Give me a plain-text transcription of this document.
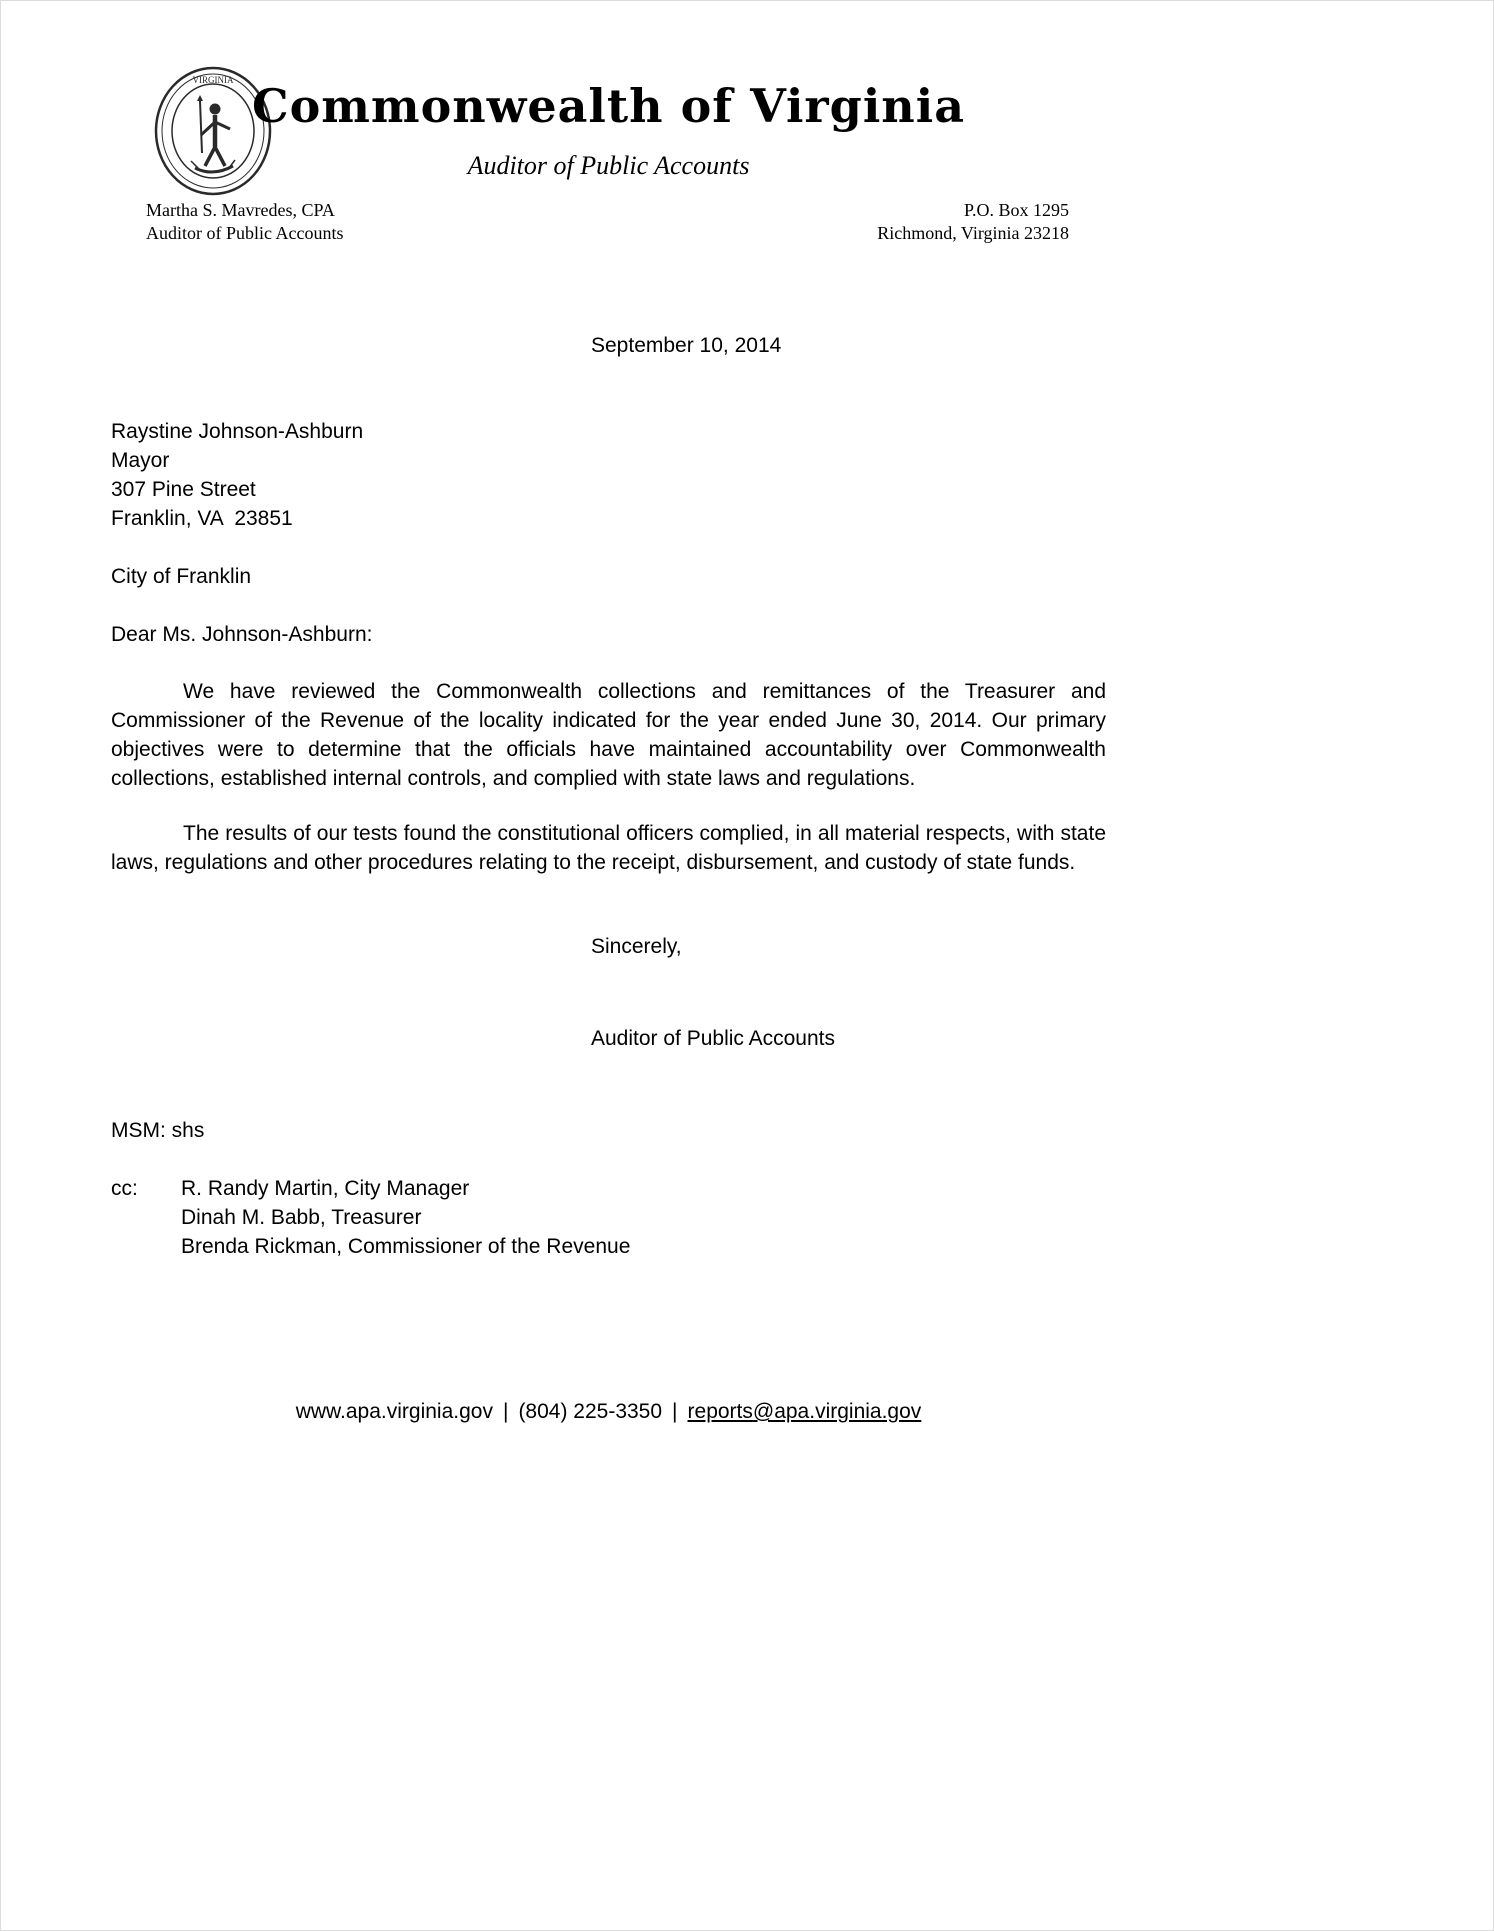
VIRGINIA Commonwealth of Virginia
Auditor of Public Accounts
Martha S. Mavredes, CPA
Auditor of Public Accounts
P.O. Box 1295
Richmond, Virginia 23218
September 10, 2014
Raystine Johnson-Ashburn
Mayor
307 Pine Street
Franklin, VA  23851
City of Franklin
Dear Ms. Johnson-Ashburn:

We have reviewed the Commonwealth collections and remittances of the Treasurer and Commissioner of the Revenue of the locality indicated for the year ended June 30, 2014. Our primary objectives were to determine that the officials have maintained accountability over Commonwealth collections, established internal controls, and complied with state laws and regulations.

The results of our tests found the constitutional officers complied, in all material respects, with state laws, regulations and other procedures relating to the receipt, disbursement, and custody of state funds.

Sincerely,
Auditor of Public Accounts
MSM: shs
cc:	R. Randy Martin, City Manager
Dinah M. Babb, Treasurer
Brenda Rickman, Commissioner of the Revenue
www.apa.virginia.gov | (804) 225-3350 | reports@apa.virginia.gov
